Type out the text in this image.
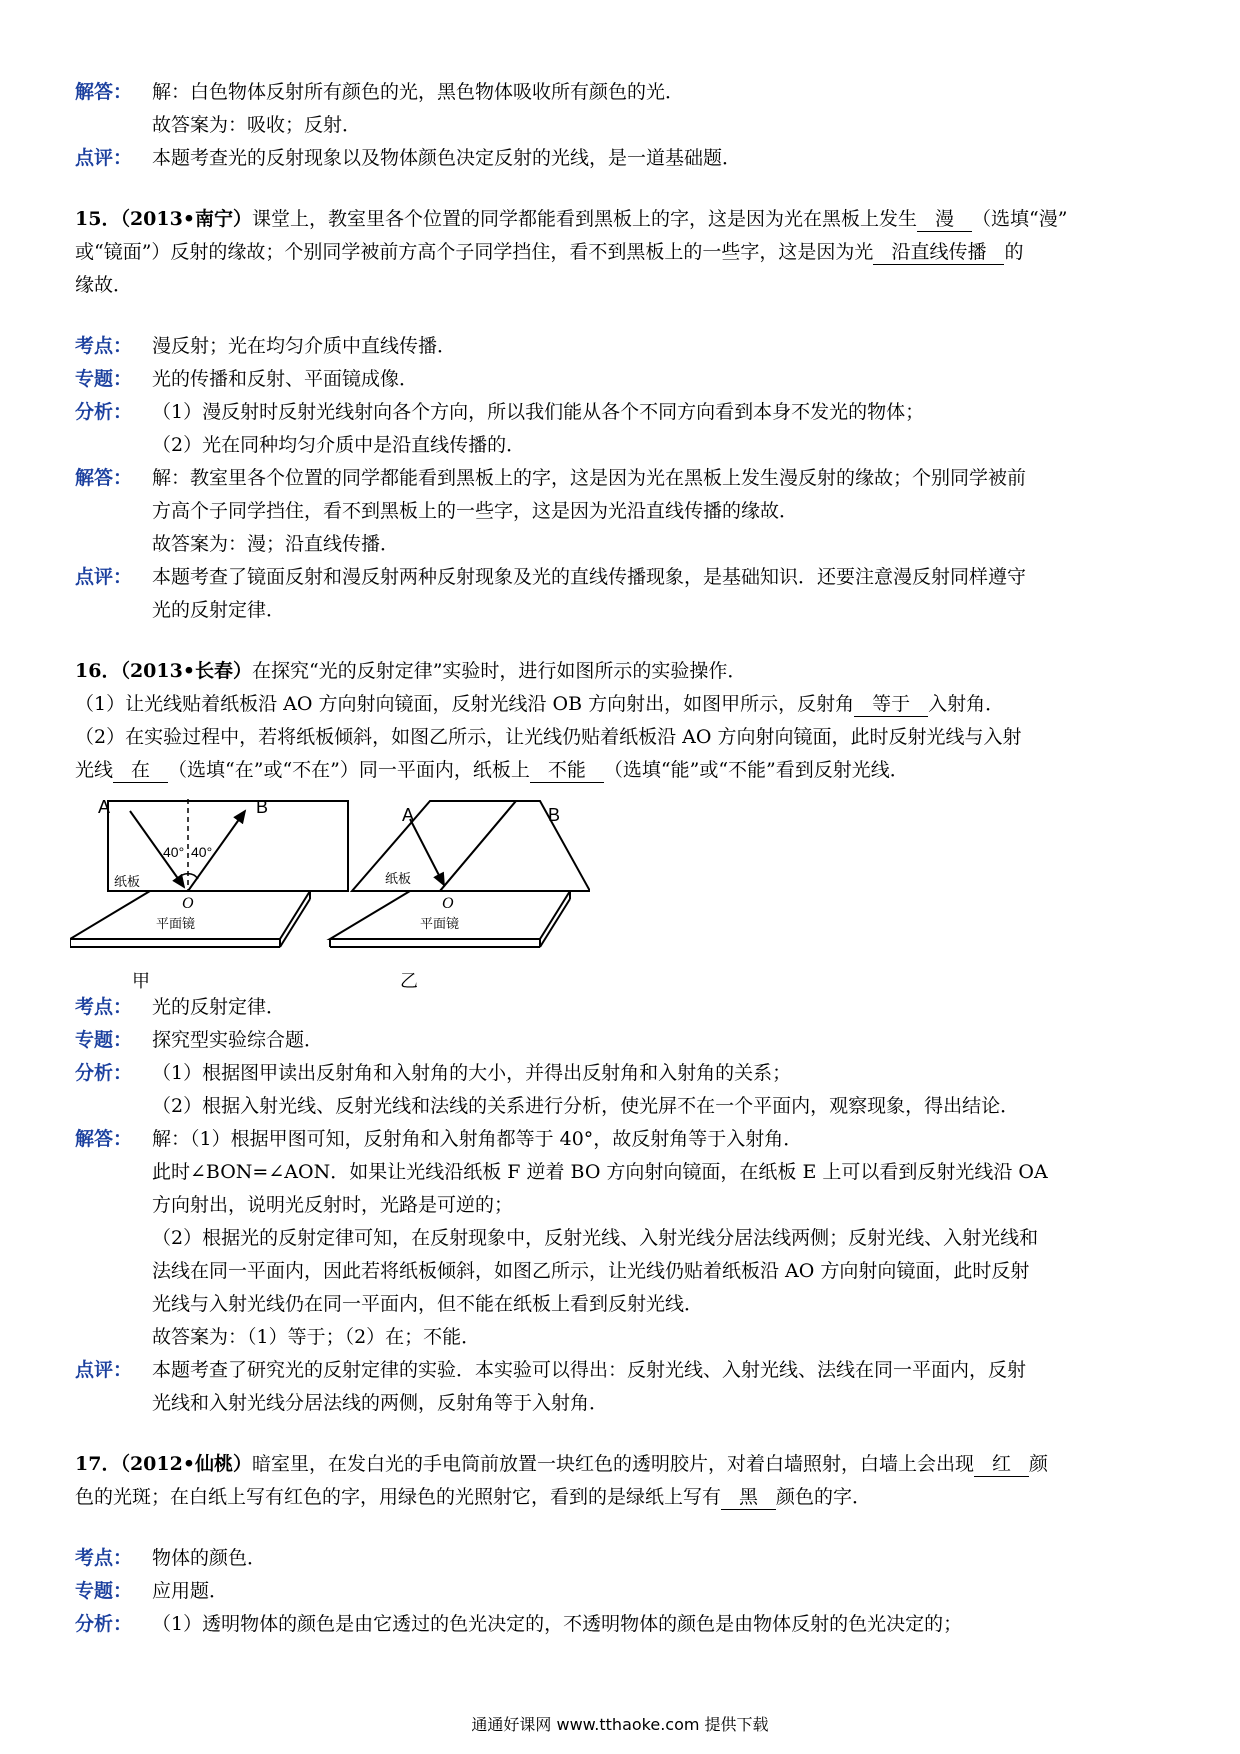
解答：	解：白色物体反射所有颜色的光，黑色物体吸收所有颜色的光．
故答案为：吸收；反射．
点评：	本题考查光的反射现象以及物体颜色决定反射的光线，是一道基础题．
15．（2013•南宁）课堂上，教室里各个位置的同学都能看到黑板上的字，这是因为光在黑板上发生 漫 （选填“漫”
或“镜面”）反射的缘故；个别同学被前方高个子同学挡住，看不到黑板上的一些字，这是因为光 沿直线传播 的
缘故．
考点：	漫反射；光在均匀介质中直线传播．
专题：	光的传播和反射、平面镜成像．
分析：	（1）漫反射时反射光线射向各个方向，所以我们能从各个不同方向看到本身不发光的物体；
（2）光在同种均匀介质中是沿直线传播的．
解答：	解：教室里各个位置的同学都能看到黑板上的字，这是因为光在黑板上发生漫反射的缘故；个别同学被前
方高个子同学挡住，看不到黑板上的一些字，这是因为光沿直线传播的缘故．
故答案为：漫；沿直线传播．
点评：	本题考查了镜面反射和漫反射两种反射现象及光的直线传播现象，是基础知识．还要注意漫反射同样遵守
光的反射定律．
16．（2013•长春）在探究“光的反射定律”实验时，进行如图所示的实验操作．
（1）让光线贴着纸板沿 AO 方向射向镜面，反射光线沿 OB 方向射出，如图甲所示，反射角 等于 入射角．
（2）在实验过程中，若将纸板倾斜，如图乙所示，让光线仍贴着纸板沿 AO 方向射向镜面，此时反射光线与入射
光线 在 （选填“在”或“不在”）同一平面内，纸板上 不能 （选填“能”或“不能”看到反射光线．
A	B
40° 40°
纸板
O
平面镜
甲
A	B
纸板
O
平面镜
乙
考点：	光的反射定律．
专题：	探究型实验综合题．
分析：	（1）根据图甲读出反射角和入射角的大小，并得出反射角和入射角的关系；
（2）根据入射光线、反射光线和法线的关系进行分析，使光屏不在一个平面内，观察现象，得出结论．
解答：	解：（1）根据甲图可知，反射角和入射角都等于 40°，故反射角等于入射角．
此时∠BON=∠AON．如果让光线沿纸板 F 逆着 BO 方向射向镜面，在纸板 E 上可以看到反射光线沿 OA
方向射出，说明光反射时，光路是可逆的；
（2）根据光的反射定律可知，在反射现象中，反射光线、入射光线分居法线两侧；反射光线、入射光线和
法线在同一平面内，因此若将纸板倾斜，如图乙所示，让光线仍贴着纸板沿 AO 方向射向镜面，此时反射
光线与入射光线仍在同一平面内，但不能在纸板上看到反射光线．
故答案为：（1）等于；（2）在；不能．
点评：	本题考查了研究光的反射定律的实验．本实验可以得出：反射光线、入射光线、法线在同一平面内，反射
光线和入射光线分居法线的两侧，反射角等于入射角．
17．（2012•仙桃）暗室里，在发白光的手电筒前放置一块红色的透明胶片，对着白墙照射，白墙上会出现 红 颜
色的光斑；在白纸上写有红色的字，用绿色的光照射它，看到的是绿纸上写有 黑 颜色的字．
考点：	物体的颜色．
专题：	应用题．
分析：	（1）透明物体的颜色是由它透过的色光决定的，不透明物体的颜色是由物体反射的色光决定的；
通通好课网 www.tthaoke.com 提供下载
